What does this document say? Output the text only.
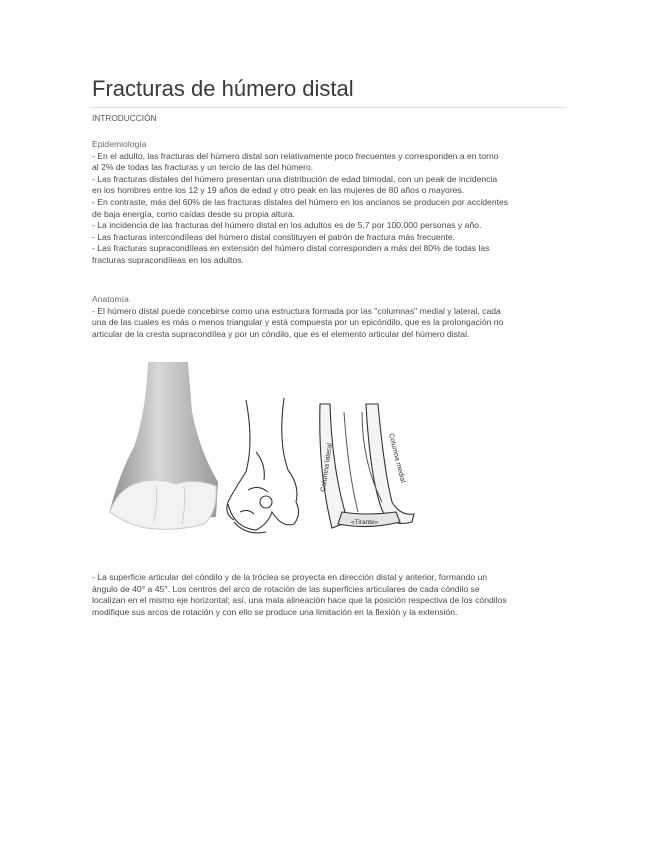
Fracturas de húmero distal
INTRODUCCIÓN

Epidemiología

- En el adulto, las fracturas del húmero distal son relativamente poco frecuentes y corresponden a en torno

al 2% de todas las fracturas y un tercio de las del húmero.

- Las fracturas distales del húmero presentan una distribución de edad bimodal, con un peak de incidencia

en los hombres entre los 12 y 19 años de edad y otro peak en las mujeres de 80 años o mayores.

- En contraste, más del 60% de las fracturas distales del húmero en los ancianos se producen por accidentes

de baja energía, como caídas desde su propia altura.

- La incidencia de las fracturas del húmero distal en los adultos es de 5,7 por 100.000 personas y año.

- Las fracturas intercondíleas del húmero distal constituyen el patrón de fractura más frecuente.

- Las fracturas supracondíleas en extensión del húmero distal corresponden a más del 80% de todas las

fracturas supracondíleas en los adultos.

Anatomía

- El húmero distal puede concebirse como una estructura formada por las "columnas" medial y lateral, cada

una de las cuales es más o menos triangular y está compuesta por un epicóndilo, que es la prolongación no

articular de la cresta supracondílea y por un cóndilo, que es el elemento articular del húmero distal.

Columna lateral	Columna medial
«Tirante»

- La superficie articular del cóndilo y de la tróclea se proyecta en dirección distal y anterior, formando un

ángulo de 40° a 45°. Los centros del arco de rotación de las superficies articulares de cada cóndilo se

localizan en el mismo eje horizontal; así, una mala alineación hace que la posición respectiva de los cóndilos

modifique sus arcos de rotación y con ello se produce una limitación en la flexión y la extensión.
